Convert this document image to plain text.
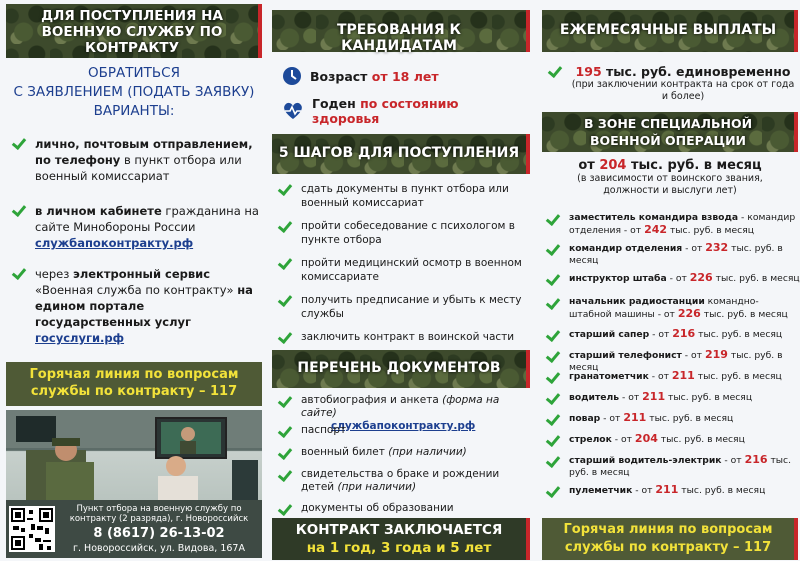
ДЛЯ ПОСТУПЛЕНИЯ НА ВОЕННУЮ СЛУЖБУ ПО КОНТРАКТУ
ОБРАТИТЬСЯ
С ЗАЯВЛЕНИЕМ (ПОДАТЬ ЗАЯВКУ)
ВАРИАНТЫ:
лично, почтовым отправлением, по телефону в пункт отбора или военный комиссариат
в личном кабинете гражданина на сайте Минобороны России
службапоконтракту.рф
через электронный сервис «Военная служба по контракту» на едином портале государственных услуг госуслуги.рф
Горячая линия по вопросам службы по контракту – 117
Пункт отбора на военную службу по контракту (2 разряда), г. Новороссийск
8 (8617) 26-13-02
г. Новороссийск, ул. Видова, 167А
ТРЕБОВАНИЯ К КАНДИДАТАМ
Возраст от 18 лет
Годен по состоянию здоровья
5 ШАГОВ ДЛЯ ПОСТУПЛЕНИЯ
сдать документы в пункт отбора или военный комиссариат
пройти собеседование с психологом в пункте отбора
пройти медицинский осмотр в военном комиссариате
получить предписание и убыть к месту службы
заключить контракт в воинской части
ПЕРЕЧЕНЬ ДОКУМЕНТОВ
автобиография и анкета (форма на сайте)
службапоконтракту.рф
паспорт
военный билет (при наличии)
свидетельства о браке и рождении детей (при наличии)
документы об образовании
КОНТРАКТ ЗАКЛЮЧАЕТСЯ
на 1 год, 3 года и 5 лет
ЕЖЕМЕСЯЧНЫЕ ВЫПЛАТЫ
195 тыс. руб. единовременно
(при заключении контракта на срок от года и более)
В ЗОНЕ СПЕЦИАЛЬНОЙ ВОЕННОЙ ОПЕРАЦИИ
от 204 тыс. руб. в месяц
(в зависимости от воинского звания, должности и выслуги лет)
заместитель командира взвода - командир отделения - от 242 тыс. руб. в месяц
командир отделения - от 232 тыс. руб. в месяц
инструктор штаба - от 226 тыс. руб. в месяц
начальник радиостанции командно-штабной машины - от 226 тыс. руб. в месяц
старший сапер - от 216 тыс. руб. в месяц
старший телефонист - от 219 тыс. руб. в месяц
гранатометчик - от 211 тыс. руб. в месяц
водитель - от 211 тыс. руб. в месяц
повар - от 211 тыс. руб. в месяц
стрелок - от 204 тыс. руб. в месяц
старший водитель-электрик - от 216 тыс. руб. в месяц
пулеметчик - от 211 тыс. руб. в месяц
Горячая линия по вопросам службы по контракту – 117
